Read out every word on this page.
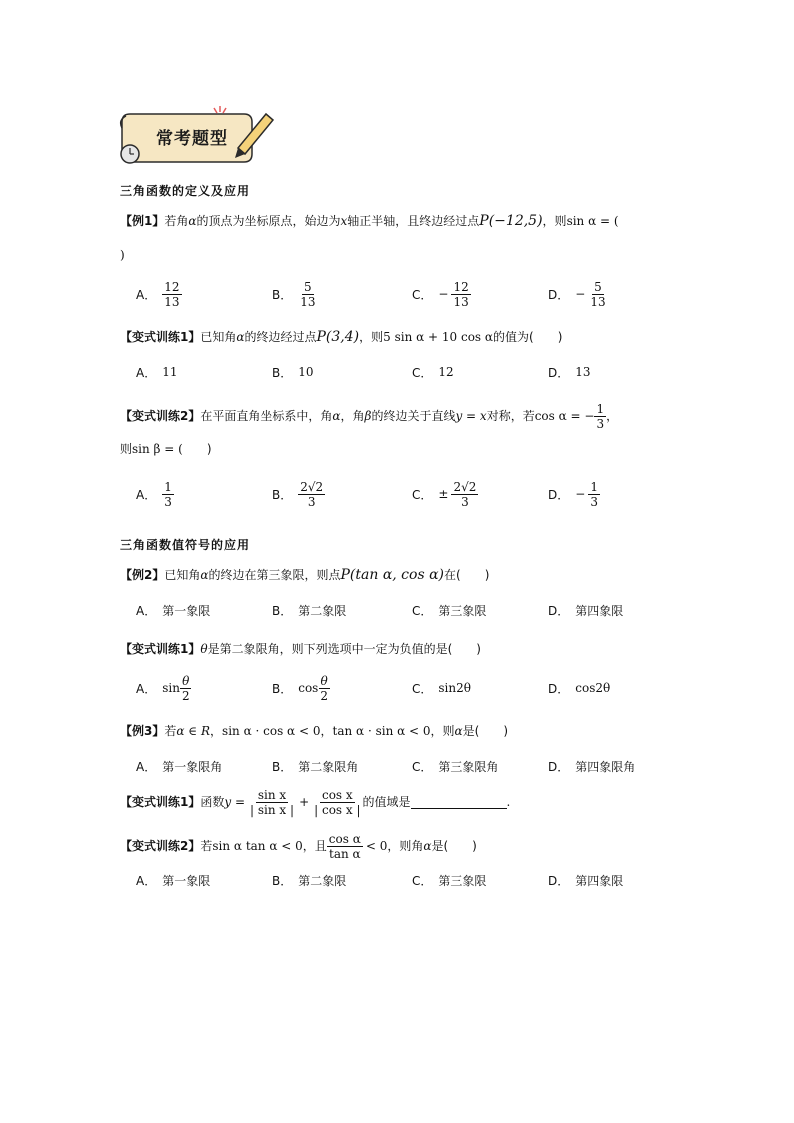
常考题型
三角函数的定义及应用
【例1】若角α的顶点为坐标原点，始边为x轴正半轴，且终边经过点P(−12,5)，则sin α = (
)
A． $\frac{12}{13}$	B． $\frac{5}{13}$	C． − $\frac{12}{13}$	D． − $\frac{5}{13}$
【变式训练1】已知角α的终边经过点P(3,4)，则5 sin α + 10 cos α的值为(　　)
A． 11	B． 10	C． 12	D． 13
【变式训练2】 在平面直角坐标系中，角 α ，角 β 的终边关于直线 y = x 对称，若 cos α = − $\frac{1}{3}$ ，
则sin β = (　　)
A． $\frac{1}{3}$	B． $\frac{2√2}{3}$	C． ± $\frac{2√2}{3}$	D． − $\frac{1}{3}$
三角函数值符号的应用
【例2】已知角α的终边在第三象限，则点P(tan α, cos α)在(　　)
A． 第一象限	B． 第二象限	C． 第三象限	D． 第四象限
【变式训练1】θ是第二象限角，则下列选项中一定为负值的是(　　)
A． $\sin \frac{\theta}{2}$	B． $\cos \frac{\theta}{2}$	C． sin2θ	D． cos2θ
【例3】若α ∈ R，sin α · cos α < 0，tan α · sin α < 0，则α是(　　)
A． 第一象限角	B． 第二象限角	C． 第三象限角	D． 第四象限角
【变式训练1】 函数 $y = \frac{\text{sin x}}{\text{| sin x |}} + \frac{\text{cos x}}{\text{| cos x |}}$ 的值域是	.
【变式训练2】 若 sin α tan α < 0 ，且 $\frac{\text{cos α}}{\text{tan α}} < 0$ ，则角 α 是 (　　)
A． 第一象限	B． 第二象限	C． 第三象限	D． 第四象限
